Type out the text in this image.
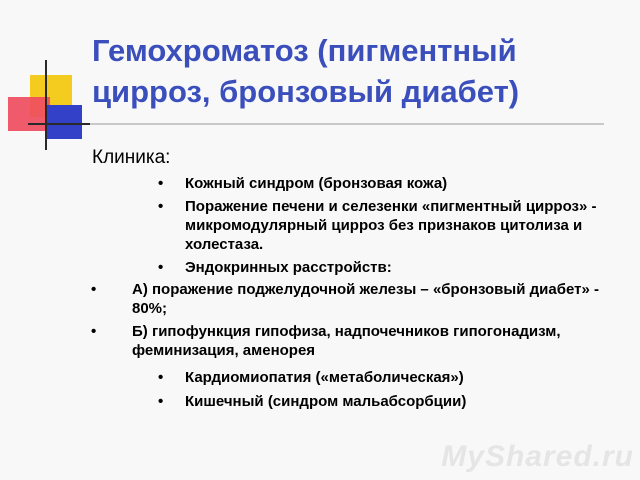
Гемохроматоз (пигментный цирроз, бронзовый диабет)
Клиника:
• Кожный синдром (бронзовая кожа)
• Поражение печени и селезенки «пигментный цирроз» - микромодулярный цирроз без признаков цитолиза и холестаза.
• Эндокринных расстройств:
• А) поражение поджелудочной железы – «бронзовый диабет» - 80%;
• Б) гипофункция гипофиза, надпочечников гипогонадизм, феминизация, аменорея
• Кардиомиопатия («метаболическая»)
• Кишечный (синдром мальабсорбции)
MyShared.ru
